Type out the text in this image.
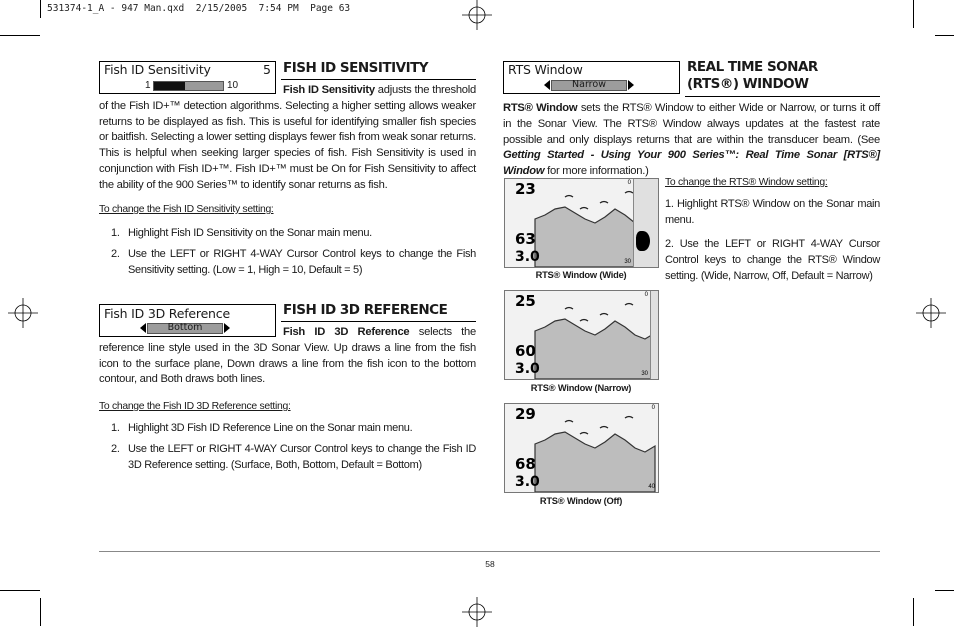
531374-1_A - 947 Man.qxd  2/15/2005  7:54 PM  Page 63
Fish ID Sensitivity	5
1	10
FISH ID SENSITIVITY
Fish ID Sensitivity adjusts the threshold of the Fish ID+™ detection algorithms. Selecting a higher setting allows weaker returns to be displayed as fish. This is useful for identifying smaller fish species or baitfish. Selecting a lower setting displays fewer fish from weak sonar returns. This is helpful when seeking larger species of fish. Fish Sensitivity is used in conjunction with Fish ID+™. Fish ID+™ must be On for Fish Sensitivity to affect the ability of the 900 Series™ to identify sonar returns as fish.
To change the Fish ID Sensitivity setting:
1. Highlight Fish ID Sensitivity on the Sonar main menu.
2. Use the LEFT or RIGHT 4-WAY Cursor Control keys to change the Fish Sensitivity setting. (Low = 1, High = 10, Default = 5)
Fish ID 3D Reference
Bottom
FISH ID 3D REFERENCE
Fish ID 3D Reference selects the reference line style used in the 3D Sonar View. Up draws a line from the fish icon to the surface plane, Down draws a line from the fish icon to the bottom contour, and Both draws both lines.
To change the Fish ID 3D Reference setting:
1. Highlight 3D Fish ID Reference Line on the Sonar main menu.
2. Use the LEFT or RIGHT 4-WAY Cursor Control keys to change the Fish ID 3D Reference setting. (Surface, Both, Bottom, Default = Bottom)
RTS Window
Narrow
REAL TIME SONAR
(RTS®) WINDOW
RTS® Window sets the RTS® Window to either Wide or Narrow, or turns it off in the Sonar View. The RTS® Window always updates at the fastest rate possible and only displays returns that are within the transducer beam. (See Getting Started - Using Your 900 Series™: Real Time Sonar [RTS®] Window for more information.)
23
63
3.0
0
30
25
60
3.0
0
30
29
68
3.0
0
40
RTS® Window (Wide)
RTS® Window (Narrow)
RTS® Window (Off)
To change the RTS® Window setting:
1. Highlight RTS® Window on the Sonar main menu.
2. Use the LEFT or RIGHT 4-WAY Cursor Control keys to change the RTS® Window setting. (Wide, Narrow, Off, Default = Narrow)
58
